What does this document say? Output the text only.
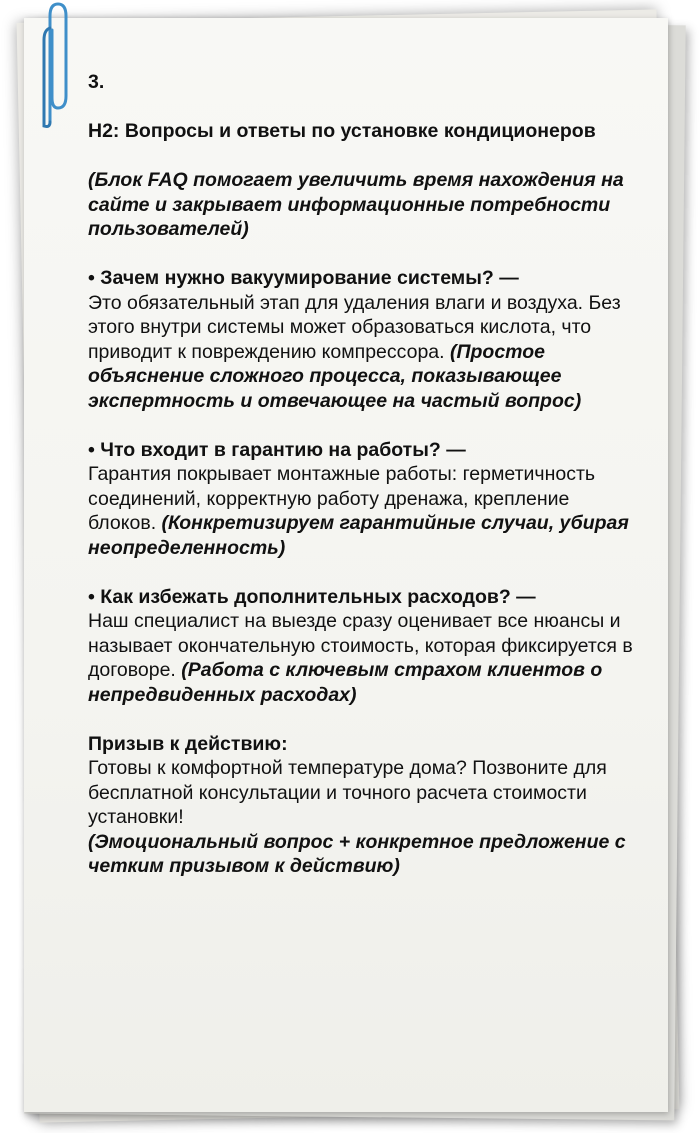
3.

H2: Вопросы и ответы по установке кондиционеров

(Блок FAQ помогает увеличить время нахождения на сайте и закрывает информационные потребности пользователей)

• Зачем нужно вакуумирование системы? —
Это обязательный этап для удаления влаги и воздуха. Без этого внутри системы может образоваться кислота, что приводит к повреждению компрессора. (Простое объяснение сложного процесса, показывающее экспертность и отвечающее на частый вопрос)

• Что входит в гарантию на работы? —
Гарантия покрывает монтажные работы: герметичность соединений, корректную работу дренажа, крепление блоков. (Конкретизируем гарантийные случаи, убирая неопределенность)

• Как избежать дополнительных расходов? —
Наш специалист на выезде сразу оценивает все нюансы и называет окончательную стоимость, которая фиксируется в договоре. (Работа с ключевым страхом клиентов о непредвиденных расходах)

Призыв к действию:
Готовы к комфортной температуре дома? Позвоните для бесплатной консультации и точного расчета стоимости установки!
(Эмоциональный вопрос + конкретное предложение с четким призывом к действию)
